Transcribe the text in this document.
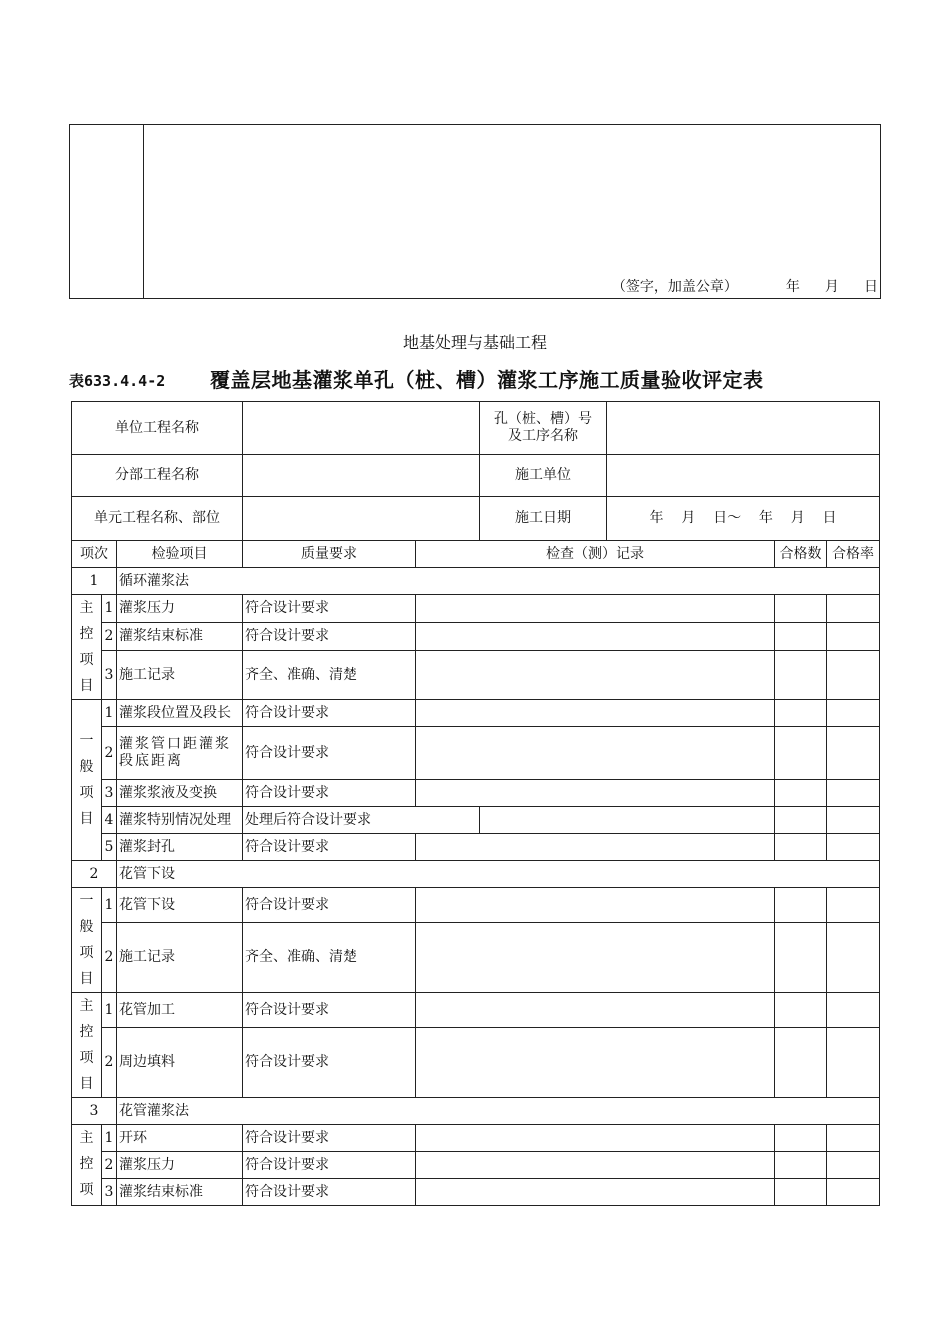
（签字，加盖公章）	年	月	日
地基处理与基础工程
表633.4.4-2 覆盖层地基灌浆单孔（桩、槽）灌浆工序施工质量验收评定表
单位工程名称					孔（桩、槽）号及工序名称			
分部工程名称					施工单位			
单元工程名称、部位					施工日期	年    月    日～    年    月    日		
项次		检验项目	质量要求	检查（测）记录			合格数	合格率
1		循环灌浆法						

主
控
项
目	1	灌浆压力	符合设计要求					
	2	灌浆结束标准	符合设计要求					
	3	施工记录	齐全、准确、清楚					

一
般
项
目	1	灌浆段位置及段长	符合设计要求					
	2	灌浆管口距灌浆段底距离	符合设计要求					
	3	灌浆浆液及变换	符合设计要求					
	4	灌浆特别情况处理	处理后符合设计要求					
	5	灌浆封孔	符合设计要求					
2		花管下设						

一
般
项
目	1	花管下设	符合设计要求					
	2	施工记录	齐全、准确、清楚					

主
控
项
目	1	花管加工	符合设计要求					
	2	周边填料	符合设计要求					
3		花管灌浆法						

主
控
项	1	开环	符合设计要求					
	2	灌浆压力	符合设计要求					
	3	灌浆结束标准	符合设计要求					
